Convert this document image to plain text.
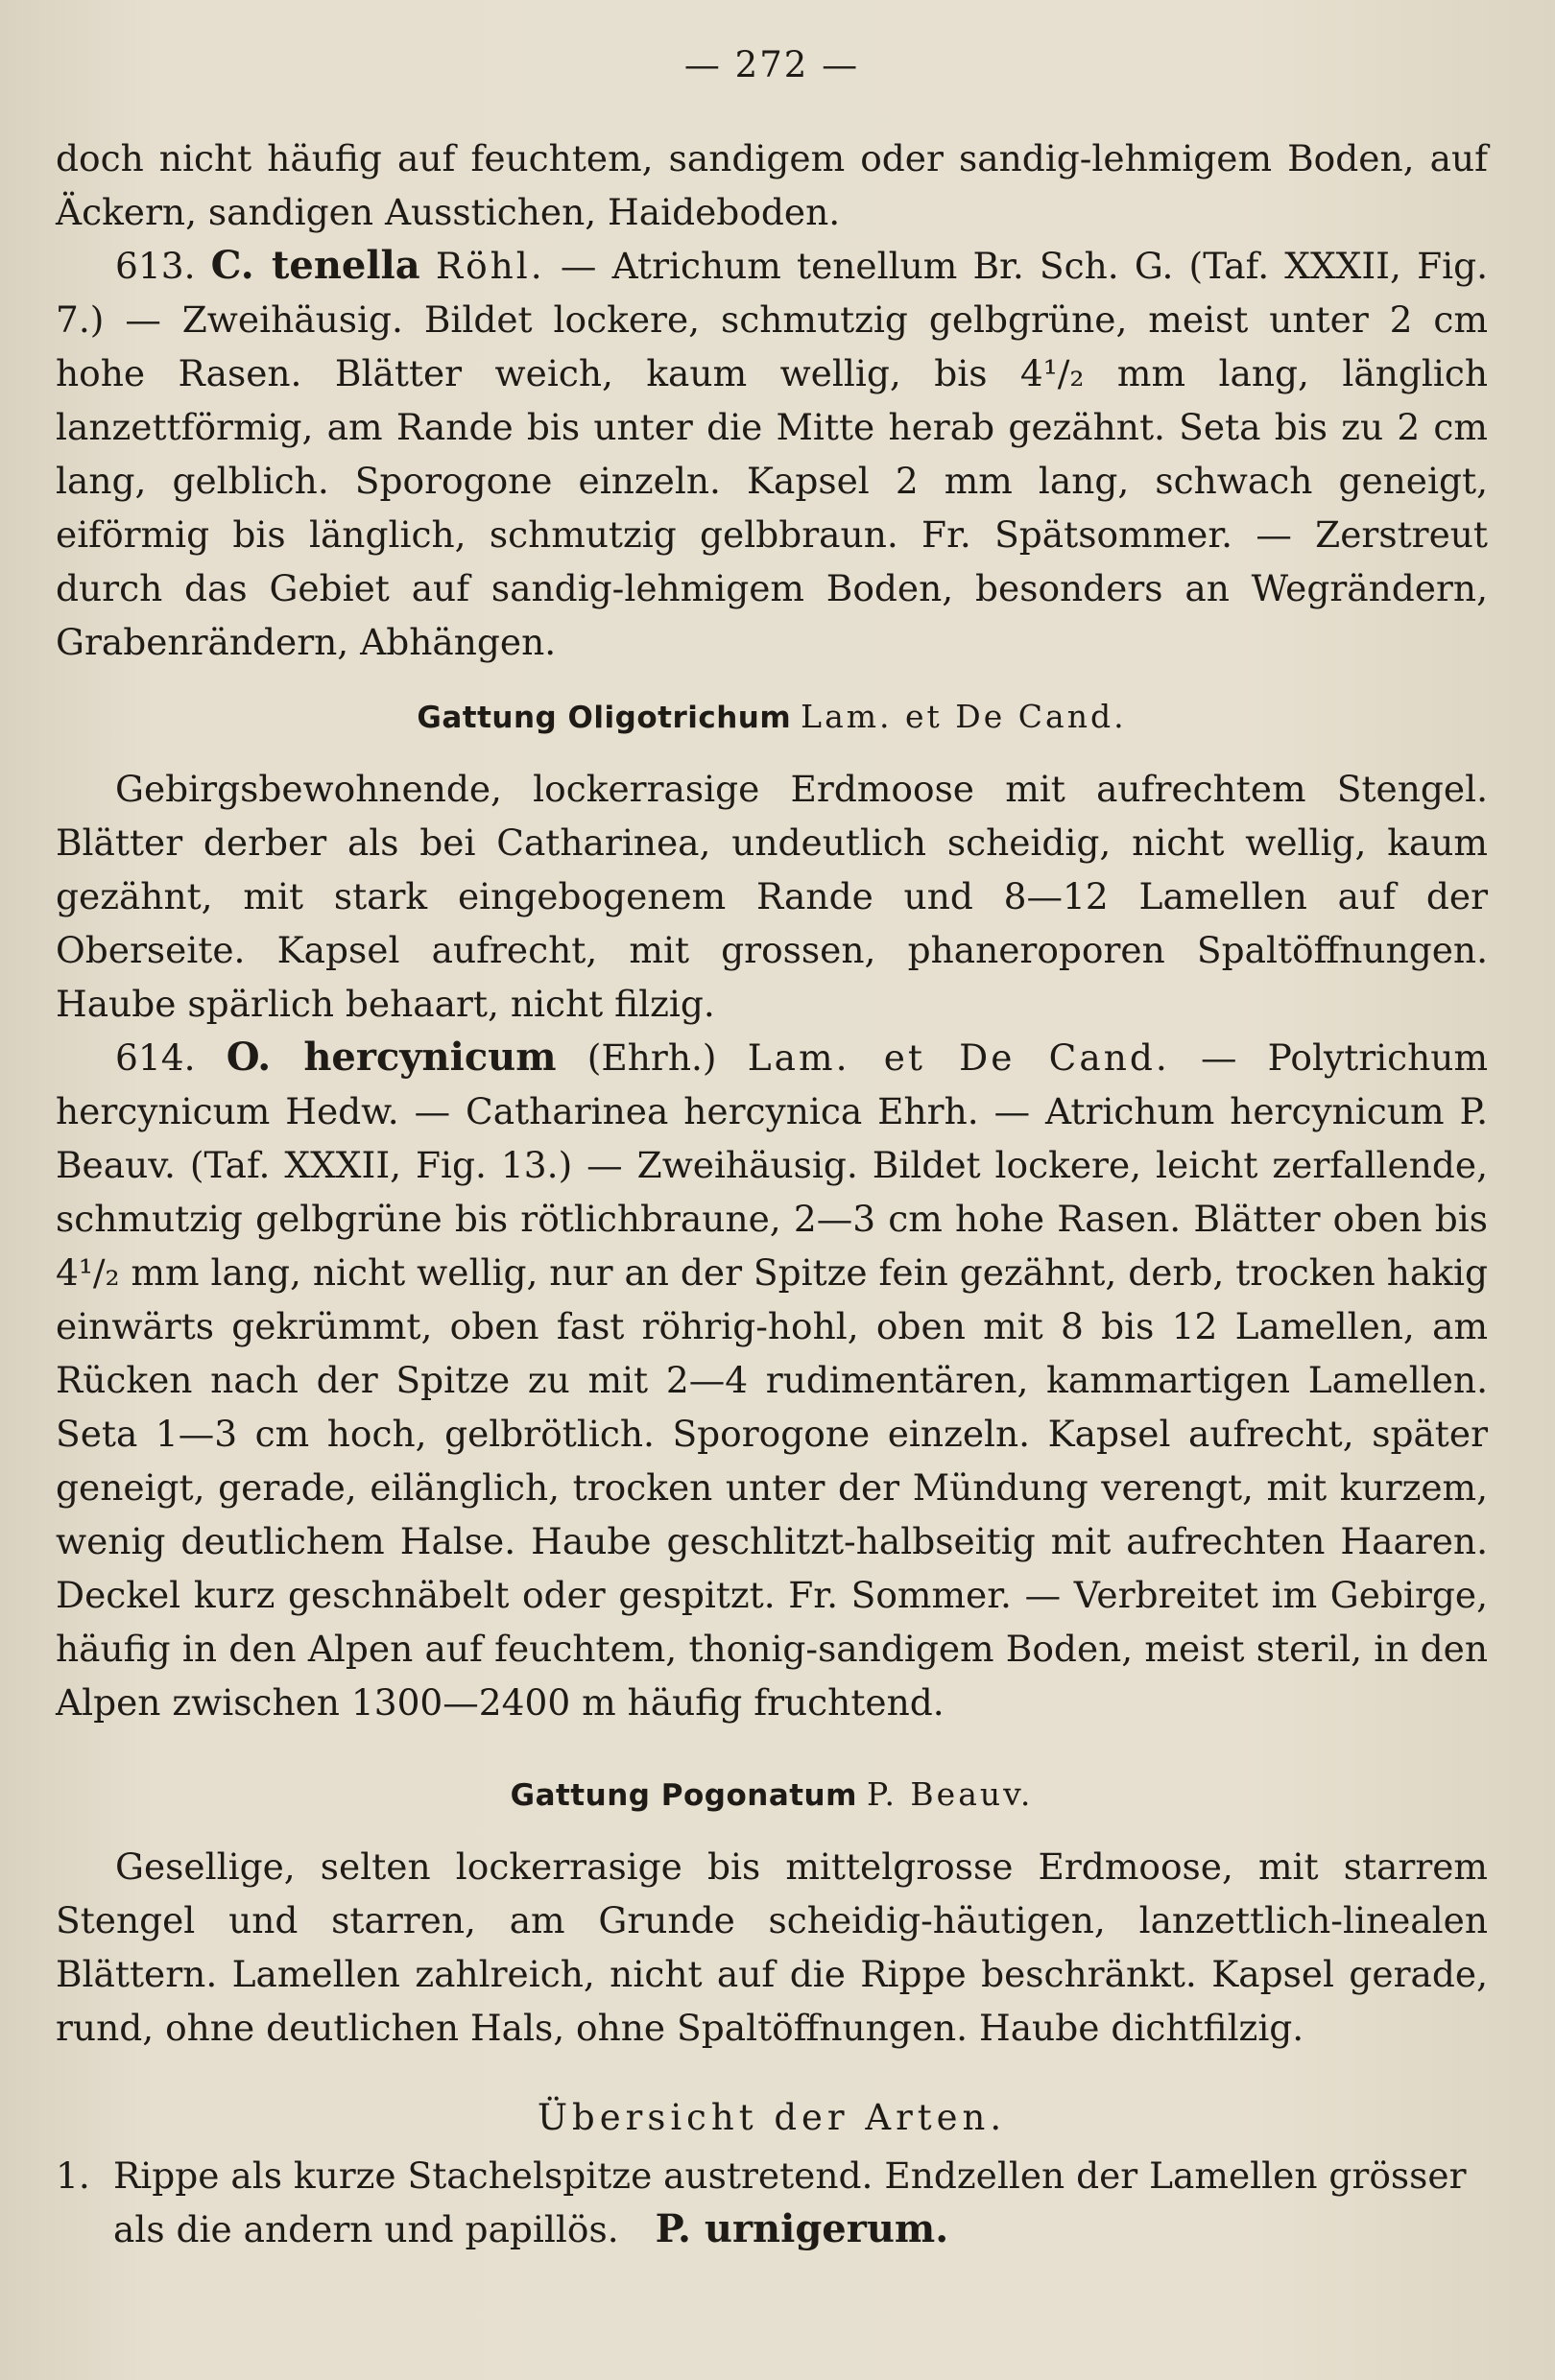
— 272 —

doch nicht häufig auf feuchtem, sandigem oder sandig-lehmigem Boden, auf Äckern, sandigen Ausstichen, Haideboden.

613. C. tenella Röhl. — Atrichum tenellum Br. Sch. G. (Taf. XXXII, Fig. 7.) — Zweihäusig. Bildet lockere, schmutzig gelbgrüne, meist unter 2 cm hohe Rasen. Blätter weich, kaum wellig, bis 4¹/₂ mm lang, länglich lanzettförmig, am Rande bis unter die Mitte herab gezähnt. Seta bis zu 2 cm lang, gelblich. Sporogone einzeln. Kapsel 2 mm lang, schwach geneigt, eiförmig bis länglich, schmutzig gelbbraun. Fr. Spätsommer. — Zerstreut durch das Gebiet auf sandig-lehmigem Boden, besonders an Wegrändern, Grabenrändern, Abhängen.

Gattung Oligotrichum Lam. et De Cand.

Gebirgsbewohnende, lockerrasige Erdmoose mit aufrechtem Stengel. Blätter derber als bei Catharinea, undeutlich scheidig, nicht wellig, kaum gezähnt, mit stark eingebogenem Rande und 8—12 Lamellen auf der Oberseite. Kapsel aufrecht, mit grossen, phaneroporen Spaltöffnungen. Haube spärlich behaart, nicht filzig.

614. O. hercynicum (Ehrh.) Lam. et De Cand. — Polytrichum hercynicum Hedw. — Catharinea hercynica Ehrh. — Atrichum hercynicum P. Beauv. (Taf. XXXII, Fig. 13.) — Zweihäusig. Bildet lockere, leicht zerfallende, schmutzig gelbgrüne bis rötlichbraune, 2—3 cm hohe Rasen. Blätter oben bis 4¹/₂ mm lang, nicht wellig, nur an der Spitze fein gezähnt, derb, trocken hakig einwärts gekrümmt, oben fast röhrig-hohl, oben mit 8 bis 12 Lamellen, am Rücken nach der Spitze zu mit 2—4 rudimentären, kammartigen Lamellen. Seta 1—3 cm hoch, gelbrötlich. Sporogone einzeln. Kapsel aufrecht, später geneigt, gerade, eilänglich, trocken unter der Mündung verengt, mit kurzem, wenig deutlichem Halse. Haube geschlitzt-halbseitig mit aufrechten Haaren. Deckel kurz geschnäbelt oder gespitzt. Fr. Sommer. — Verbreitet im Gebirge, häufig in den Alpen auf feuchtem, thonig-sandigem Boden, meist steril, in den Alpen zwischen 1300—2400 m häufig fruchtend.

Gattung Pogonatum P. Beauv.

Gesellige, selten lockerrasige bis mittelgrosse Erdmoose, mit starrem Stengel und starren, am Grunde scheidig-häutigen, lanzettlich-linealen Blättern. Lamellen zahlreich, nicht auf die Rippe beschränkt. Kapsel gerade, rund, ohne deutlichen Hals, ohne Spaltöffnungen. Haube dichtfilzig.

Übersicht der Arten.
1. Rippe als kurze Stachelspitze austretend. Endzellen der Lamellen grösser als die andern und papillös. P. urnigerum.
